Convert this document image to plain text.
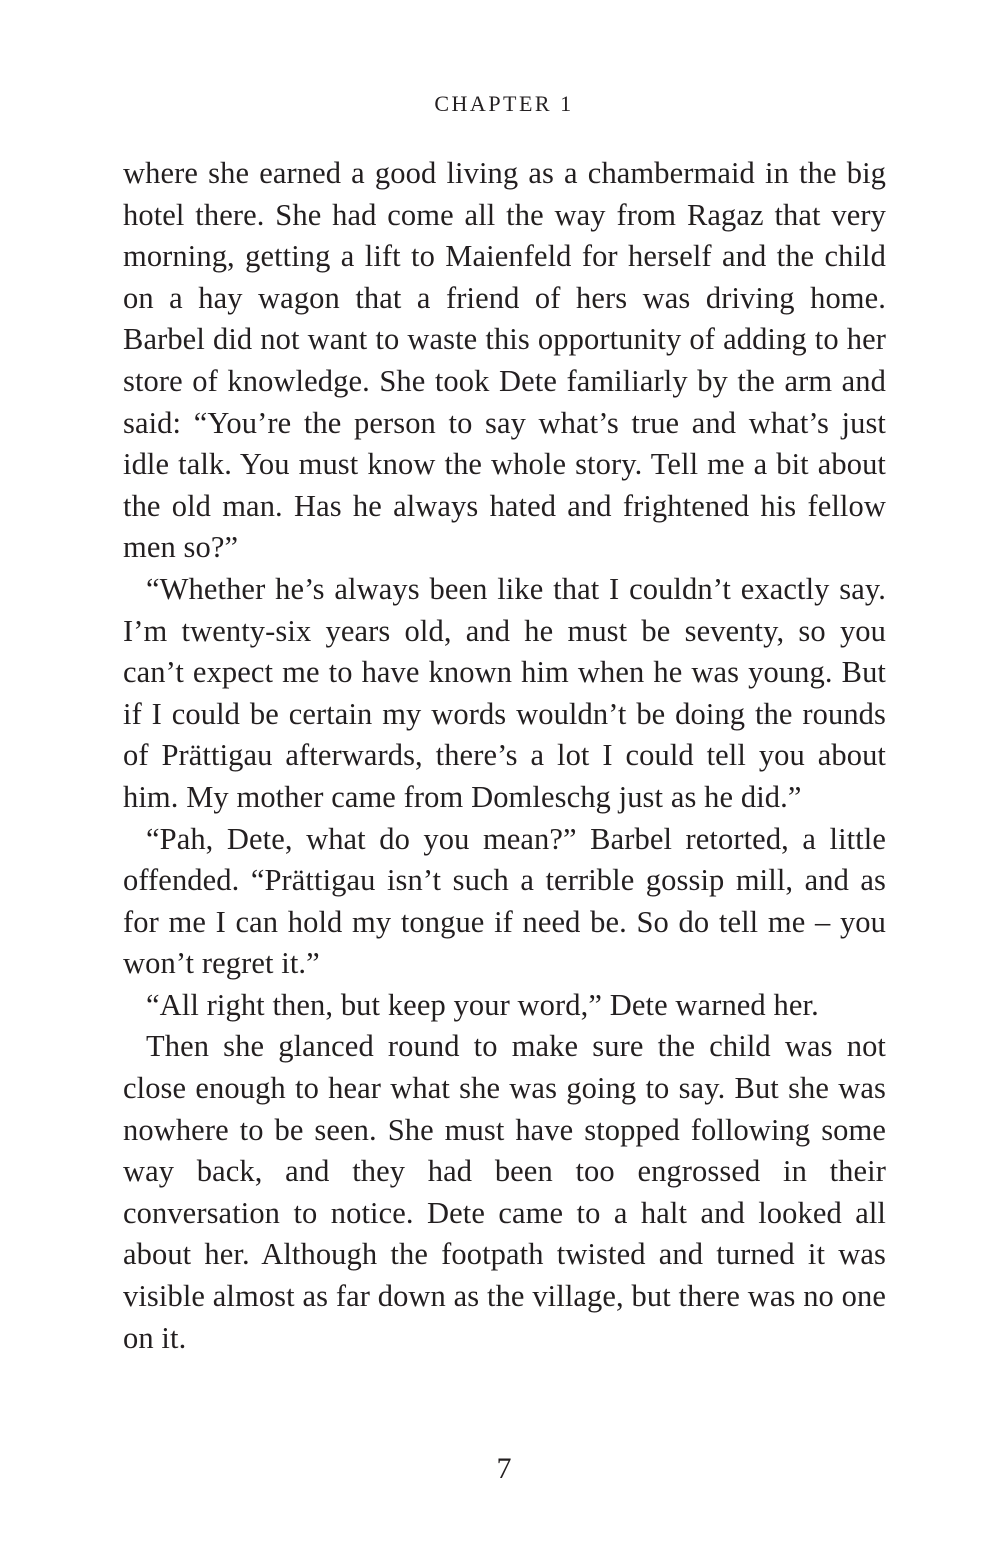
CHAPTER 1

where she earned a good living as a chambermaid in the big hotel there. She had come all the way from Ragaz that very morning, getting a lift to Maienfeld for herself and the child on a hay wagon that a friend of hers was driving home. Barbel did not want to waste this opportunity of adding to her store of knowledge. She took Dete familiarly by the arm and said: “You’re the person to say what’s true and what’s just idle talk. You must know the whole story. Tell me a bit about the old man. Has he always hated and frightened his fellow men so?”

“Whether he’s always been like that I couldn’t exactly say. I’m twenty-six years old, and he must be seventy, so you can’t expect me to have known him when he was young. But if I could be certain my words wouldn’t be doing the rounds of Prättigau afterwards, there’s a lot I could tell you about him. My mother came from Domleschg just as he did.”

“Pah, Dete, what do you mean?” Barbel retorted, a little offended. “Prättigau isn’t such a terrible gossip mill, and as for me I can hold my tongue if need be. So do tell me – you won’t regret it.”

“All right then, but keep your word,” Dete warned her.

Then she glanced round to make sure the child was not close enough to hear what she was going to say. But she was nowhere to be seen. She must have stopped following some way back, and they had been too engrossed in their conversation to notice. Dete came to a halt and looked all about her. Although the footpath twisted and turned it was visible almost as far down as the village, but there was no one on it.

7
